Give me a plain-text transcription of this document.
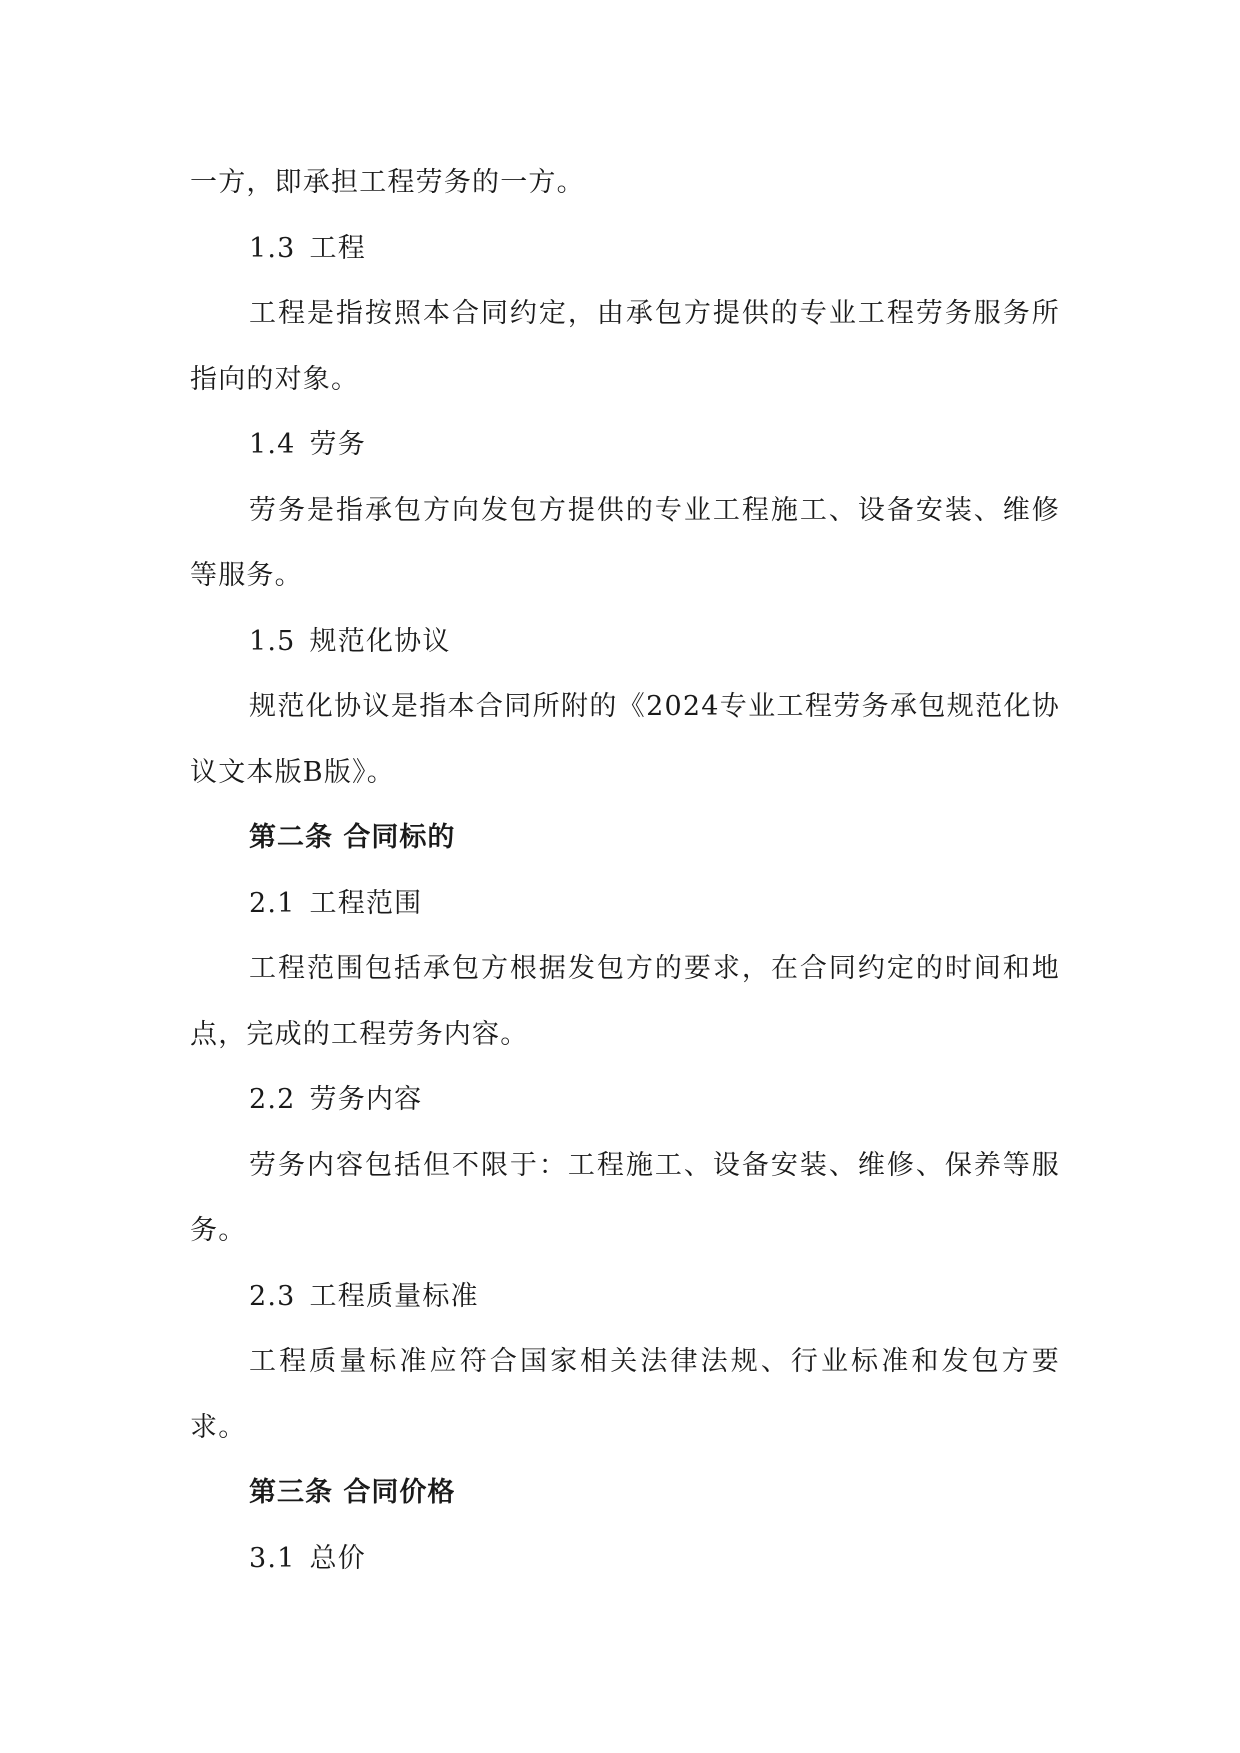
一方，即承担工程劳务的一方。

1.3 工程

工程是指按照本合同约定，由承包方提供的专业工程劳务服务所指向的对象。

1.4 劳务

劳务是指承包方向发包方提供的专业工程施工、设备安装、维修等服务。

1.5 规范化协议

规范化协议是指本合同所附的《2024专业工程劳务承包规范化协议文本版B版》。

第二条 合同标的

2.1 工程范围

工程范围包括承包方根据发包方的要求，在合同约定的时间和地点，完成的工程劳务内容。

2.2 劳务内容

劳务内容包括但不限于：工程施工、设备安装、维修、保养等服务。

2.3 工程质量标准

工程质量标准应符合国家相关法律法规、行业标准和发包方要求。

第三条 合同价格

3.1 总价
